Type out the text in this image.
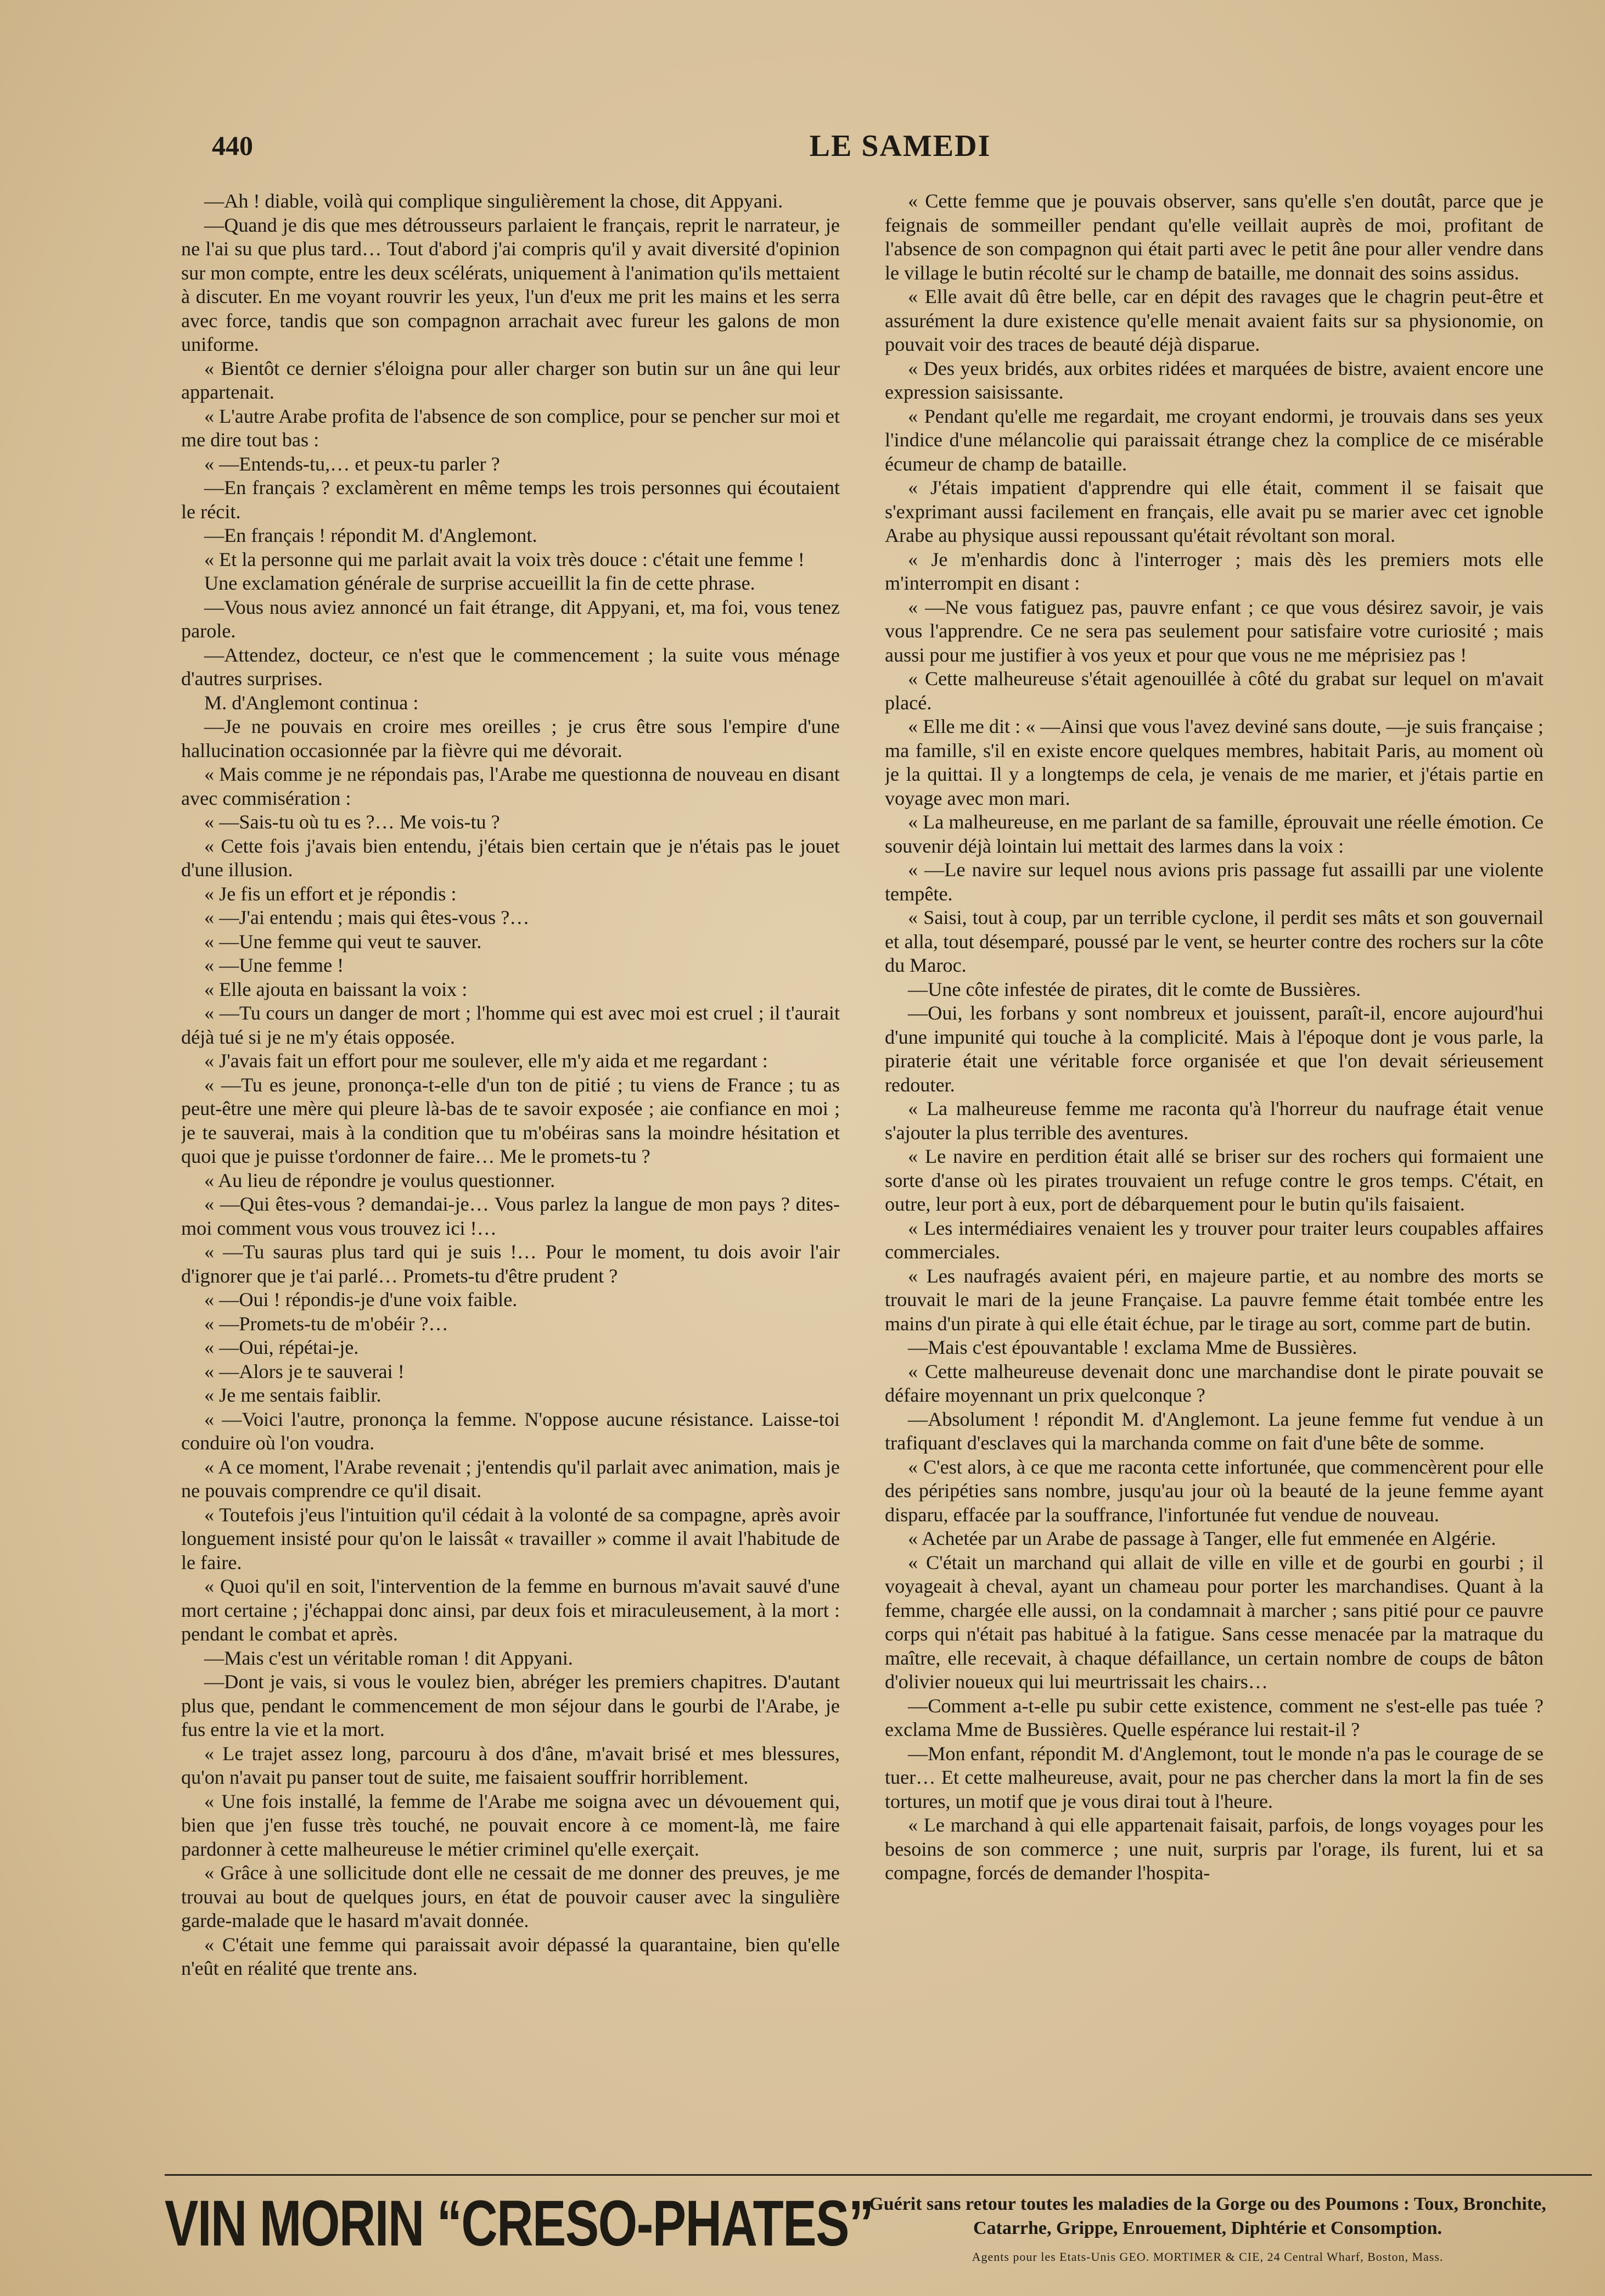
440	LE SAMEDI

—Ah ! diable, voilà qui complique singulièrement la chose, dit Appyani.

—Quand je dis que mes détrousseurs parlaient le français, reprit le narrateur, je ne l'ai su que plus tard… Tout d'abord j'ai compris qu'il y avait diversité d'opinion sur mon compte, entre les deux scélérats, uniquement à l'animation qu'ils mettaient à discuter. En me voyant rouvrir les yeux, l'un d'eux me prit les mains et les serra avec force, tandis que son compagnon arrachait avec fureur les galons de mon uniforme.

« Bientôt ce dernier s'éloigna pour aller charger son butin sur un âne qui leur appartenait.

« L'autre Arabe profita de l'absence de son complice, pour se pencher sur moi et me dire tout bas :

« —Entends-tu,… et peux-tu parler ?

—En français ? exclamèrent en même temps les trois personnes qui écoutaient le récit.

—En français ! répondit M. d'Anglemont.

« Et la personne qui me parlait avait la voix très douce : c'était une femme !

Une exclamation générale de surprise accueillit la fin de cette phrase.

—Vous nous aviez annoncé un fait étrange, dit Appyani, et, ma foi, vous tenez parole.

—Attendez, docteur, ce n'est que le commencement ; la suite vous ménage d'autres surprises.

M. d'Anglemont continua :

—Je ne pouvais en croire mes oreilles ; je crus être sous l'empire d'une hallucination occasionnée par la fièvre qui me dévorait.

« Mais comme je ne répondais pas, l'Arabe me questionna de nouveau en disant avec commisération :

« —Sais-tu où tu es ?… Me vois-tu ?

« Cette fois j'avais bien entendu, j'étais bien certain que je n'étais pas le jouet d'une illusion.

« Je fis un effort et je répondis :

« —J'ai entendu ; mais qui êtes-vous ?…

« —Une femme qui veut te sauver.

« —Une femme !

« Elle ajouta en baissant la voix :

« —Tu cours un danger de mort ; l'homme qui est avec moi est cruel ; il t'aurait déjà tué si je ne m'y étais opposée.

« J'avais fait un effort pour me soulever, elle m'y aida et me regardant :

« —Tu es jeune, prononça-t-elle d'un ton de pitié ; tu viens de France ; tu as peut-être une mère qui pleure là-bas de te savoir exposée ; aie confiance en moi ; je te sauverai, mais à la condition que tu m'obéiras sans la moindre hésitation et quoi que je puisse t'ordonner de faire… Me le promets-tu ?

« Au lieu de répondre je voulus questionner.

« —Qui êtes-vous ? demandai-je… Vous parlez la langue de mon pays ? dites-moi comment vous vous trouvez ici !…

« —Tu sauras plus tard qui je suis !… Pour le moment, tu dois avoir l'air d'ignorer que je t'ai parlé… Promets-tu d'être prudent ?

« —Oui ! répondis-je d'une voix faible.

« —Promets-tu de m'obéir ?…

« —Oui, répétai-je.

« —Alors je te sauverai !

« Je me sentais faiblir.

« —Voici l'autre, prononça la femme. N'oppose aucune résistance. Laisse-toi conduire où l'on voudra.

« A ce moment, l'Arabe revenait ; j'entendis qu'il parlait avec animation, mais je ne pouvais comprendre ce qu'il disait.

« Toutefois j'eus l'intuition qu'il cédait à la volonté de sa compagne, après avoir longuement insisté pour qu'on le laissât « travailler » comme il avait l'habitude de le faire.

« Quoi qu'il en soit, l'intervention de la femme en burnous m'avait sauvé d'une mort certaine ; j'échappai donc ainsi, par deux fois et miraculeusement, à la mort : pendant le combat et après.

—Mais c'est un véritable roman ! dit Appyani.

—Dont je vais, si vous le voulez bien, abréger les premiers chapitres. D'autant plus que, pendant le commencement de mon séjour dans le gourbi de l'Arabe, je fus entre la vie et la mort.

« Le trajet assez long, parcouru à dos d'âne, m'avait brisé et mes blessures, qu'on n'avait pu panser tout de suite, me faisaient souffrir horriblement.

« Une fois installé, la femme de l'Arabe me soigna avec un dévouement qui, bien que j'en fusse très touché, ne pouvait encore à ce moment-là, me faire pardonner à cette malheureuse le métier criminel qu'elle exerçait.

« Grâce à une sollicitude dont elle ne cessait de me donner des preuves, je me trouvai au bout de quelques jours, en état de pouvoir causer avec la singulière garde-malade que le hasard m'avait donnée.

« C'était une femme qui paraissait avoir dépassé la quarantaine, bien qu'elle n'eût en réalité que trente ans.

« Cette femme que je pouvais observer, sans qu'elle s'en doutât, parce que je feignais de sommeiller pendant qu'elle veillait auprès de moi, profitant de l'absence de son compagnon qui était parti avec le petit âne pour aller vendre dans le village le butin récolté sur le champ de bataille, me donnait des soins assidus.

« Elle avait dû être belle, car en dépit des ravages que le chagrin peut-être et assurément la dure existence qu'elle menait avaient faits sur sa physionomie, on pouvait voir des traces de beauté déjà disparue.

« Des yeux bridés, aux orbites ridées et marquées de bistre, avaient encore une expression saisissante.

« Pendant qu'elle me regardait, me croyant endormi, je trouvais dans ses yeux l'indice d'une mélancolie qui paraissait étrange chez la complice de ce misérable écumeur de champ de bataille.

« J'étais impatient d'apprendre qui elle était, comment il se faisait que s'exprimant aussi facilement en français, elle avait pu se marier avec cet ignoble Arabe au physique aussi repoussant qu'était révoltant son moral.

« Je m'enhardis donc à l'interroger ; mais dès les premiers mots elle m'interrompit en disant :

« —Ne vous fatiguez pas, pauvre enfant ; ce que vous désirez savoir, je vais vous l'apprendre. Ce ne sera pas seulement pour satisfaire votre curiosité ; mais aussi pour me justifier à vos yeux et pour que vous ne me méprisiez pas !

« Cette malheureuse s'était agenouillée à côté du grabat sur lequel on m'avait placé.

« Elle me dit : « —Ainsi que vous l'avez deviné sans doute, —je suis française ; ma famille, s'il en existe encore quelques membres, habitait Paris, au moment où je la quittai. Il y a longtemps de cela, je venais de me marier, et j'étais partie en voyage avec mon mari.

« La malheureuse, en me parlant de sa famille, éprouvait une réelle émotion. Ce souvenir déjà lointain lui mettait des larmes dans la voix :

« —Le navire sur lequel nous avions pris passage fut assailli par une violente tempête.

« Saisi, tout à coup, par un terrible cyclone, il perdit ses mâts et son gouvernail et alla, tout désemparé, poussé par le vent, se heurter contre des rochers sur la côte du Maroc.

—Une côte infestée de pirates, dit le comte de Bussières.

—Oui, les forbans y sont nombreux et jouissent, paraît-il, encore aujourd'hui d'une impunité qui touche à la complicité. Mais à l'époque dont je vous parle, la piraterie était une véritable force organisée et que l'on devait sérieusement redouter.

« La malheureuse femme me raconta qu'à l'horreur du naufrage était venue s'ajouter la plus terrible des aventures.

« Le navire en perdition était allé se briser sur des rochers qui formaient une sorte d'anse où les pirates trouvaient un refuge contre le gros temps. C'était, en outre, leur port à eux, port de débarquement pour le butin qu'ils faisaient.

« Les intermédiaires venaient les y trouver pour traiter leurs coupables affaires commerciales.

« Les naufragés avaient péri, en majeure partie, et au nombre des morts se trouvait le mari de la jeune Française. La pauvre femme était tombée entre les mains d'un pirate à qui elle était échue, par le tirage au sort, comme part de butin.

—Mais c'est épouvantable ! exclama Mme de Bussières.

« Cette malheureuse devenait donc une marchandise dont le pirate pouvait se défaire moyennant un prix quelconque ?

—Absolument ! répondit M. d'Anglemont. La jeune femme fut vendue à un trafiquant d'esclaves qui la marchanda comme on fait d'une bête de somme.

« C'est alors, à ce que me raconta cette infortunée, que commencèrent pour elle des péripéties sans nombre, jusqu'au jour où la beauté de la jeune femme ayant disparu, effacée par la souffrance, l'infortunée fut vendue de nouveau.

« Achetée par un Arabe de passage à Tanger, elle fut emmenée en Algérie.

« C'était un marchand qui allait de ville en ville et de gourbi en gourbi ; il voyageait à cheval, ayant un chameau pour porter les marchandises. Quant à la femme, chargée elle aussi, on la condamnait à marcher ; sans pitié pour ce pauvre corps qui n'était pas habitué à la fatigue. Sans cesse menacée par la matraque du maître, elle recevait, à chaque défaillance, un certain nombre de coups de bâton d'olivier noueux qui lui meurtrissait les chairs…

—Comment a-t-elle pu subir cette existence, comment ne s'est-elle pas tuée ? exclama Mme de Bussières. Quelle espérance lui restait-il ?

—Mon enfant, répondit M. d'Anglemont, tout le monde n'a pas le courage de se tuer… Et cette malheureuse, avait, pour ne pas chercher dans la mort la fin de ses tortures, un motif que je vous dirai tout à l'heure.

« Le marchand à qui elle appartenait faisait, parfois, de longs voyages pour les besoins de son commerce ; une nuit, surpris par l'orage, ils furent, lui et sa compagne, forcés de demander l'hospita-

VIN MORIN “CRESO-PHATES”
Guérit sans retour toutes les maladies de la Gorge ou des Poumons : Toux, Bronchite, Catarrhe, Grippe, Enrouement, Diphtérie et Consomption.
Agents pour les Etats-Unis GEO. MORTIMER & CIE, 24 Central Wharf, Boston, Mass.
